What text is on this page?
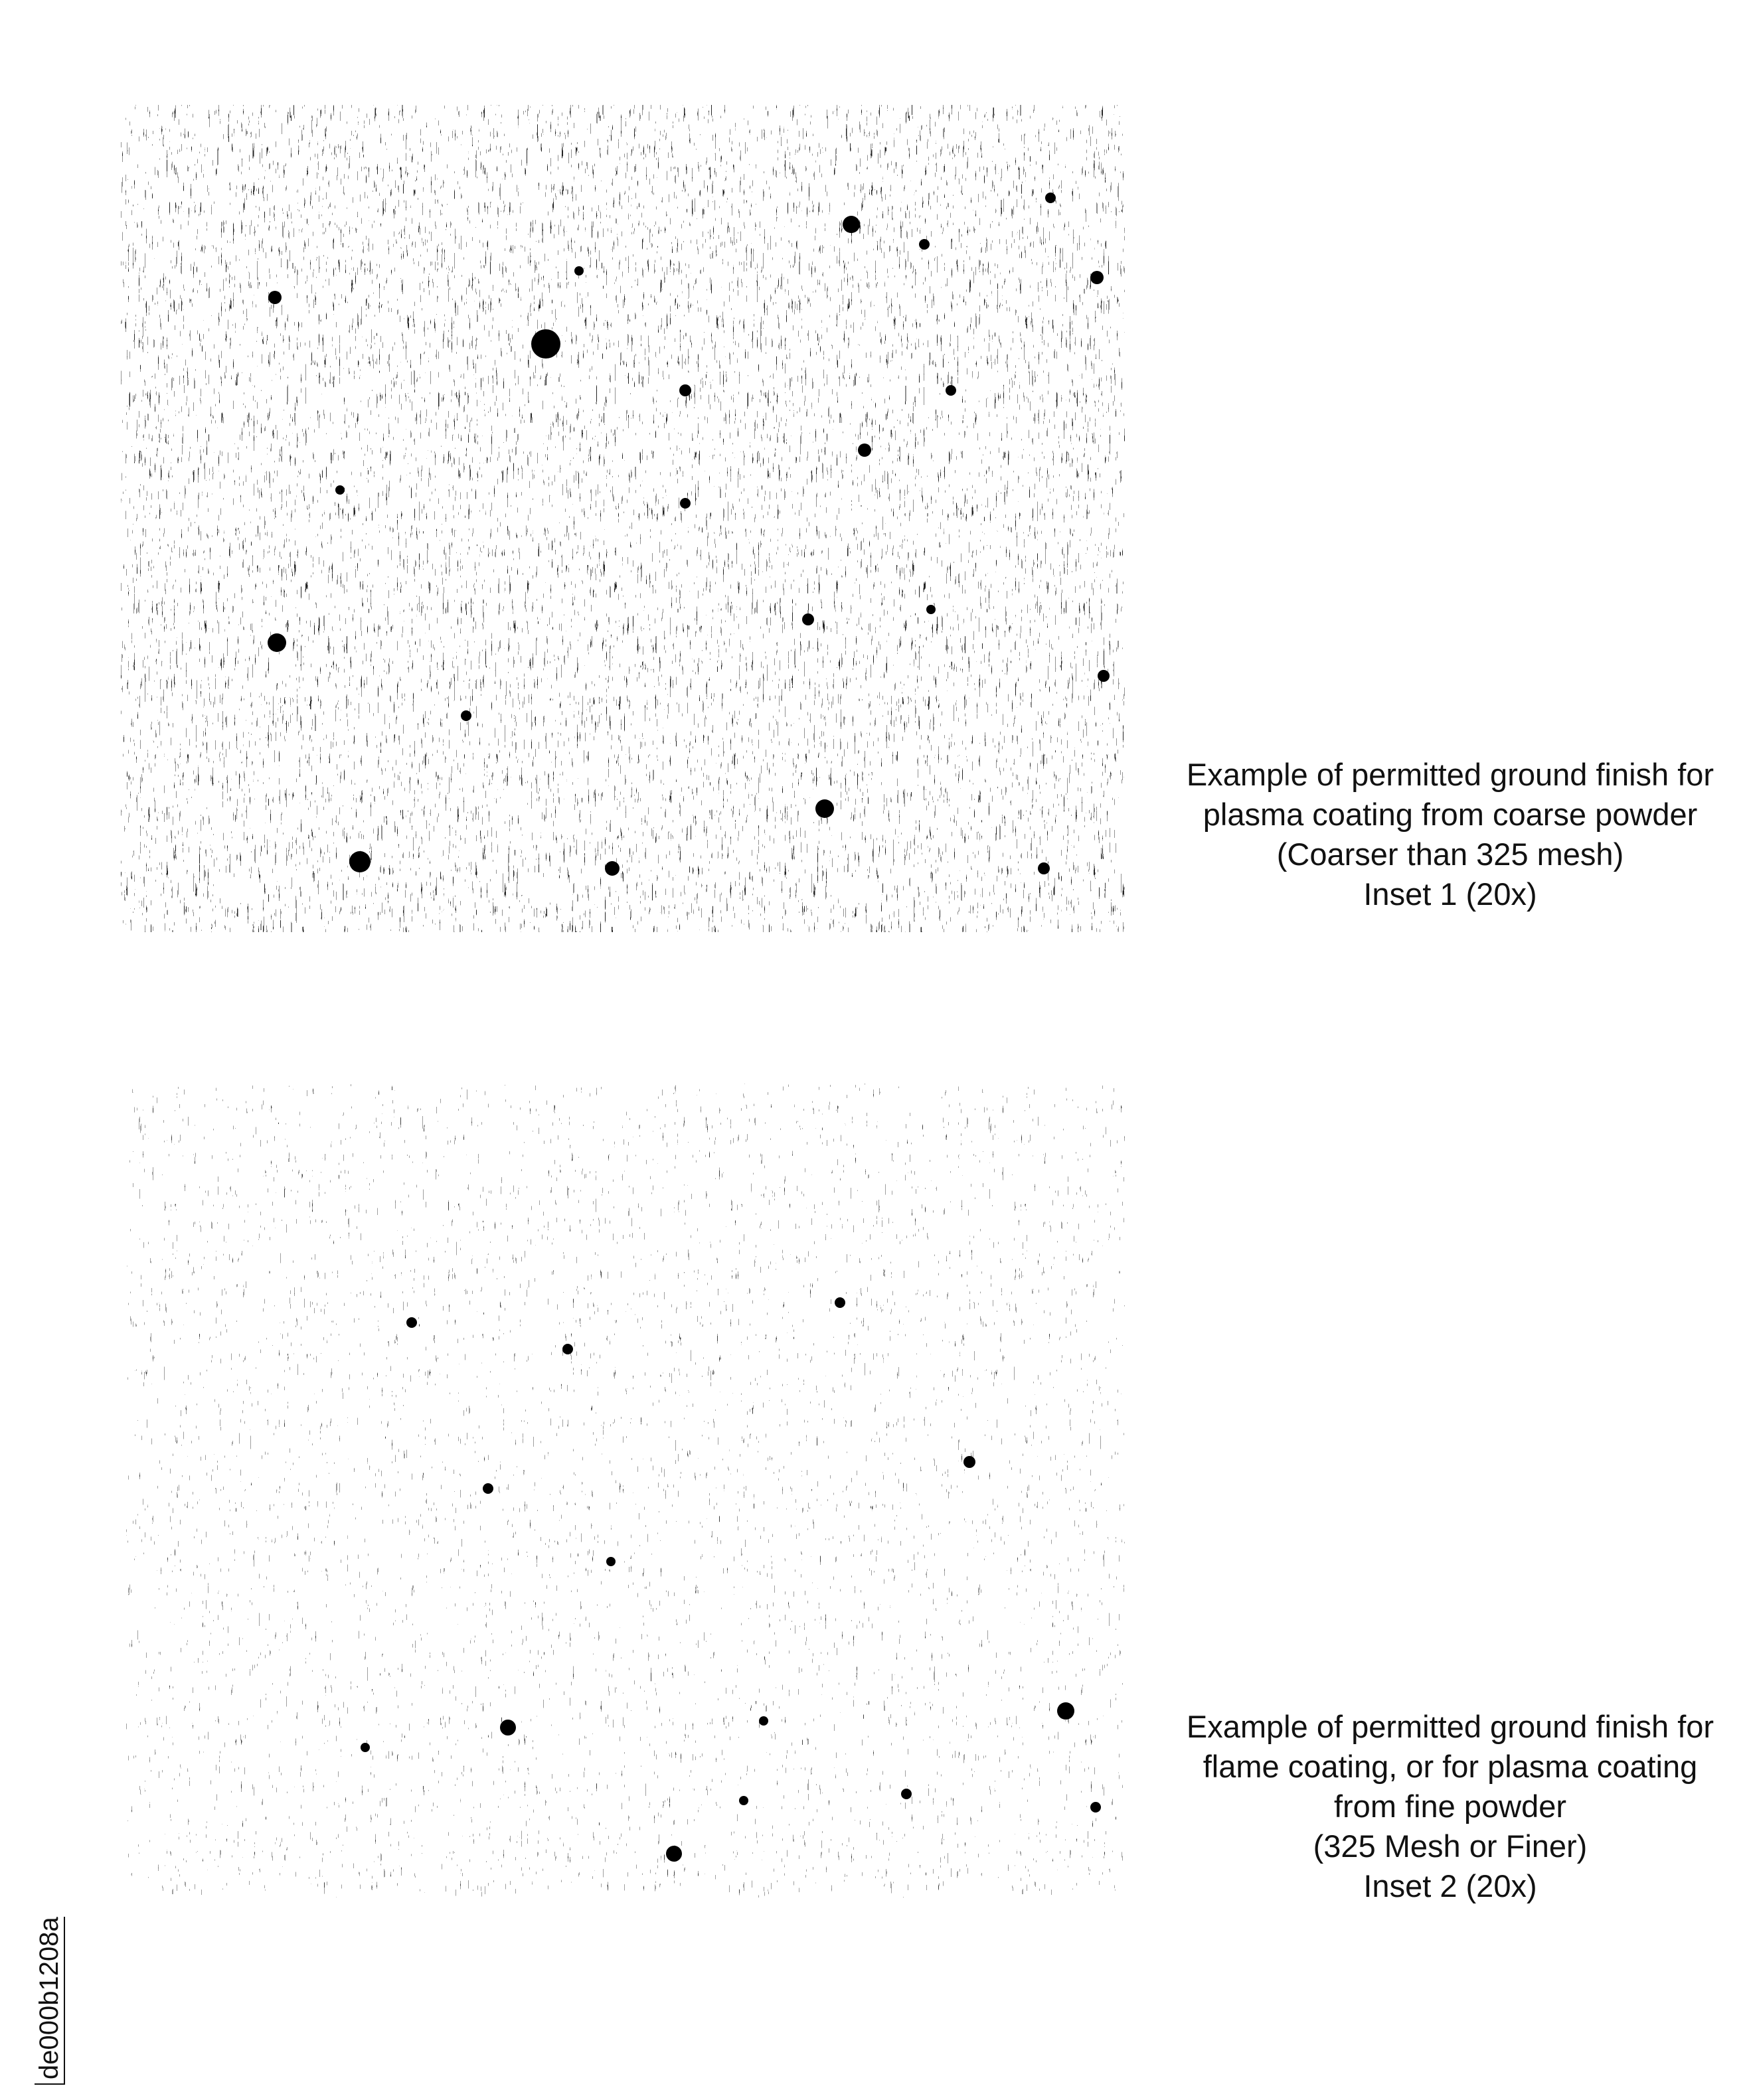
Example of permitted ground finish for
plasma coating from coarse powder
(Coarser than 325 mesh)
Inset 1 (20x)
Example of permitted ground finish for
flame coating, or for plasma coating
from fine powder
(325 Mesh or Finer)
Inset 2 (20x)
de000b1208a
